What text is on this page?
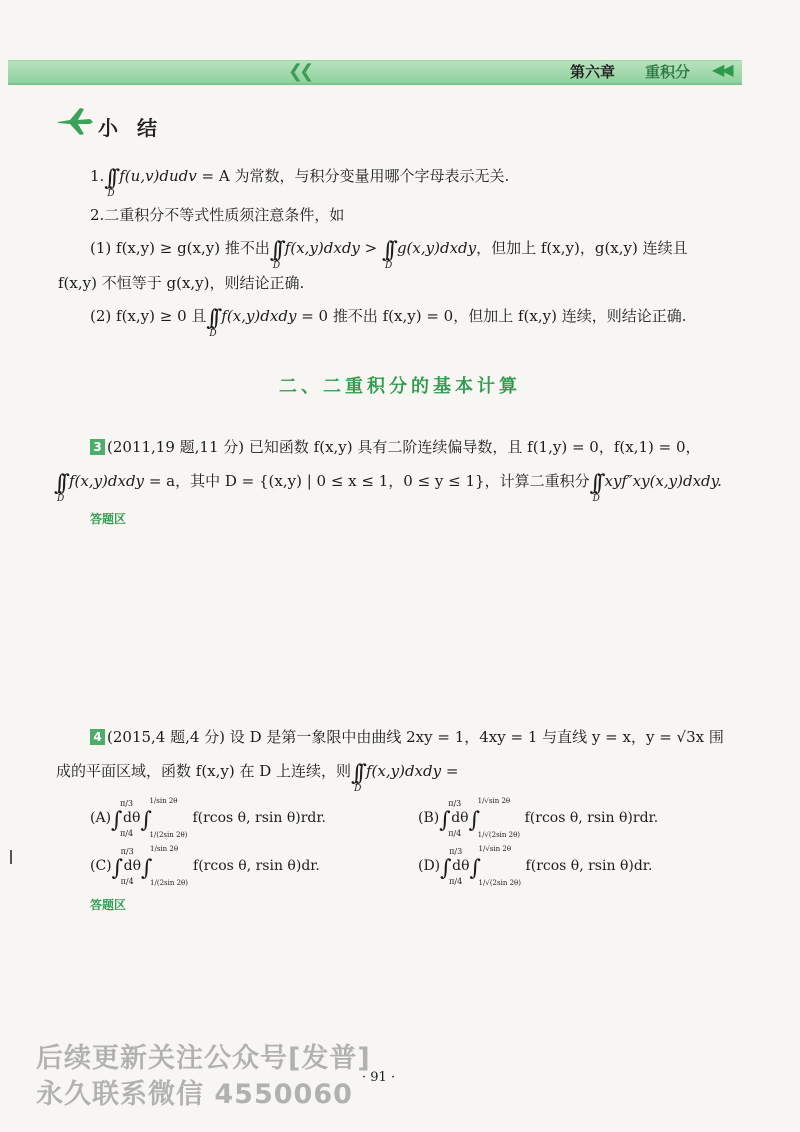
❮❮	第六章 重积分 ◀◀
小 结
1.∫∫
D
f(u,v)dudv = A 为常数，与积分变量用哪个字母表示无关.
2.二重积分不等式性质须注意条件，如
(1) f(x,y) ≥ g(x,y) 推不出∫∫
D
f(x,y)dxdy > ∫∫
D
g(x,y)dxdy，但加上 f(x,y)，g(x,y) 连续且
f(x,y) 不恒等于 g(x,y)，则结论正确.
(2) f(x,y) ≥ 0 且∫∫
D
f(x,y)dxdy = 0 推不出 f(x,y) = 0，但加上 f(x,y) 连续，则结论正确.
二、二重积分的基本计算
3 (2011,19 题,11 分) 已知函数 f(x,y) 具有二阶连续偏导数，且 f(1,y) = 0，f(x,1) = 0，
∫∫
D
f(x,y)dxdy = a，其中 D = {(x,y) | 0 ≤ x ≤ 1，0 ≤ y ≤ 1}，计算二重积分∫∫
D
xyf″xy(x,y)dxdy.
答题区
4 (2015,4 题,4 分) 设 D 是第一象限中由曲线 2xy = 1，4xy = 1 与直线 y = x，y = √3x 围
成的平面区域，函数 f(x,y) 在 D 上连续，则∫∫
D
f(x,y)dxdy =
(A)∫
π/3
π/4
dθ∫
1/sin 2θ
1/(2sin 2θ)
f(rcos θ, rsin θ)rdr.	(B)∫
π/3
π/4
dθ∫
1/√sin 2θ
1/√(2sin 2θ)
f(rcos θ, rsin θ)rdr.
(C)∫
π/3
π/4
dθ∫
1/sin 2θ
1/(2sin 2θ)
f(rcos θ, rsin θ)dr.	(D)∫
π/3
π/4
dθ∫
1/√sin 2θ
1/√(2sin 2θ)
f(rcos θ, rsin θ)dr.
答题区
· 91 ·
后续更新关注公众号[发普]
永久联系微信 4550060
